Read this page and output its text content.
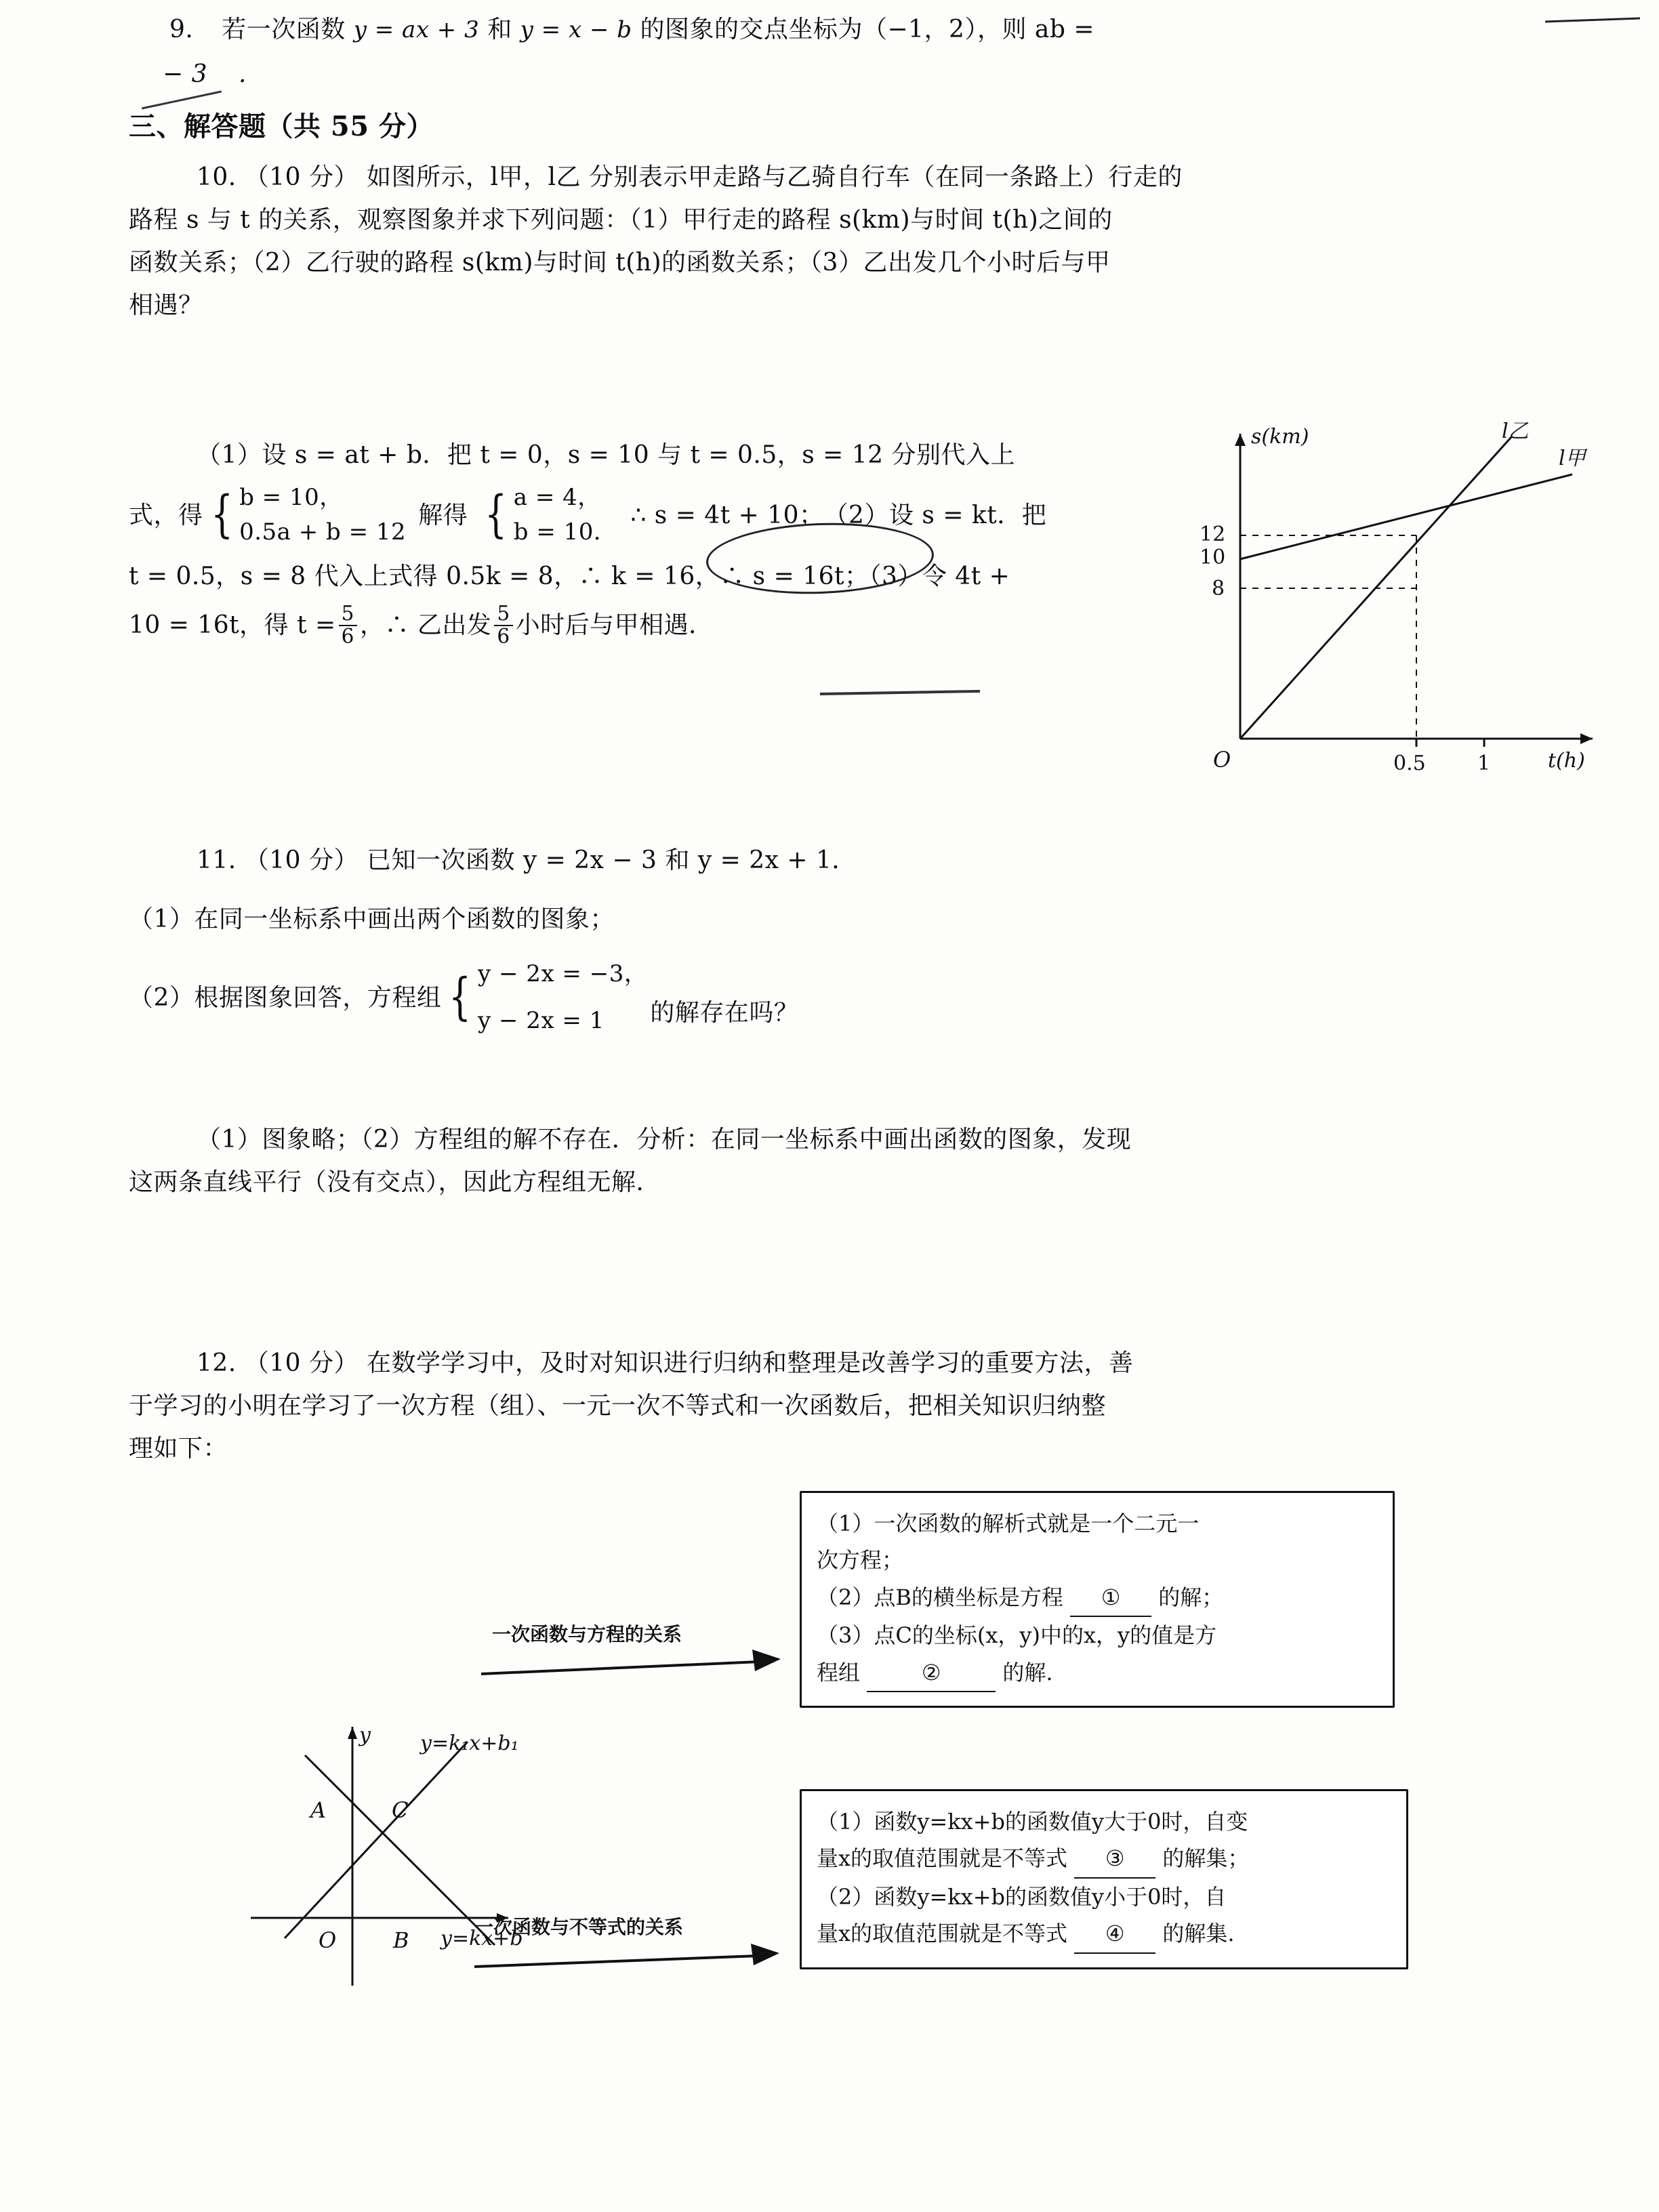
9. 若一次函数 y = ax + 3 和 y = x − b 的图象的交点坐标为（−1，2），则 ab =
− 3 .
三、解答题（共 55 分）
10. （10 分） 如图所示，l甲，l乙 分别表示甲走路与乙骑自行车（在同一条路上）行走的
路程 s 与 t 的关系，观察图象并求下列问题：（1）甲行走的路程 s(km)与时间 t(h)之间的
函数关系；（2）乙行驶的路程 s(km)与时间 t(h)的函数关系；（3）乙出发几个小时后与甲
相遇？
（1）设 s = at + b．把 t = 0，s = 10 与 t = 0.5，s = 12 分别代入上
式，得 { b = 10，
0.5a + b = 12
解得 { a = 4，
b = 10．
∴ s = 4t + 10； （2）设 s = kt．把
t = 0.5，s = 8 代入上式得 0.5k = 8，∴ k = 16，∴ s = 16t；（3）令 4t +
10 = 16t，得 $t = \frac{5}{6}$ ，∴ 乙出发 $\frac{5}{6}$ 小时后与甲相遇．
12
10
8
0.5	1
O
s(km)
t(h)
l乙
l甲
11. （10 分） 已知一次函数 y = 2x − 3 和 y = 2x + 1．
（1）在同一坐标系中画出两个函数的图象；
（2）根据图象回答，方程组 { y − 2x = −3，
y − 2x = 1	的解存在吗？
（1）图象略；（2）方程组的解不存在．分析：在同一坐标系中画出函数的图象，发现
这两条直线平行（没有交点），因此方程组无解．
12. （10 分） 在数学学习中，及时对知识进行归纳和整理是改善学习的重要方法，善
于学习的小明在学习了一次方程（组）、一元一次不等式和一次函数后，把相关知识归纳整
理如下：
y y=k₁x+b₁
y=kx+b
A	C
B
O
一次函数与方程的关系
一次函数与不等式的关系
（1）一次函数的解析式就是一个二元一
次方程；
（2）点B的横坐标是方程 ① 的解；
（3）点C的坐标(x，y)中的x，y的值是方
程组	②	的解.
（1）函数y=kx+b的函数值y大于0时，自变
量x的取值范围就是不等式 ③ 的解集；
（2）函数y=kx+b的函数值y小于0时，自
量x的取值范围就是不等式 ④ 的解集.
